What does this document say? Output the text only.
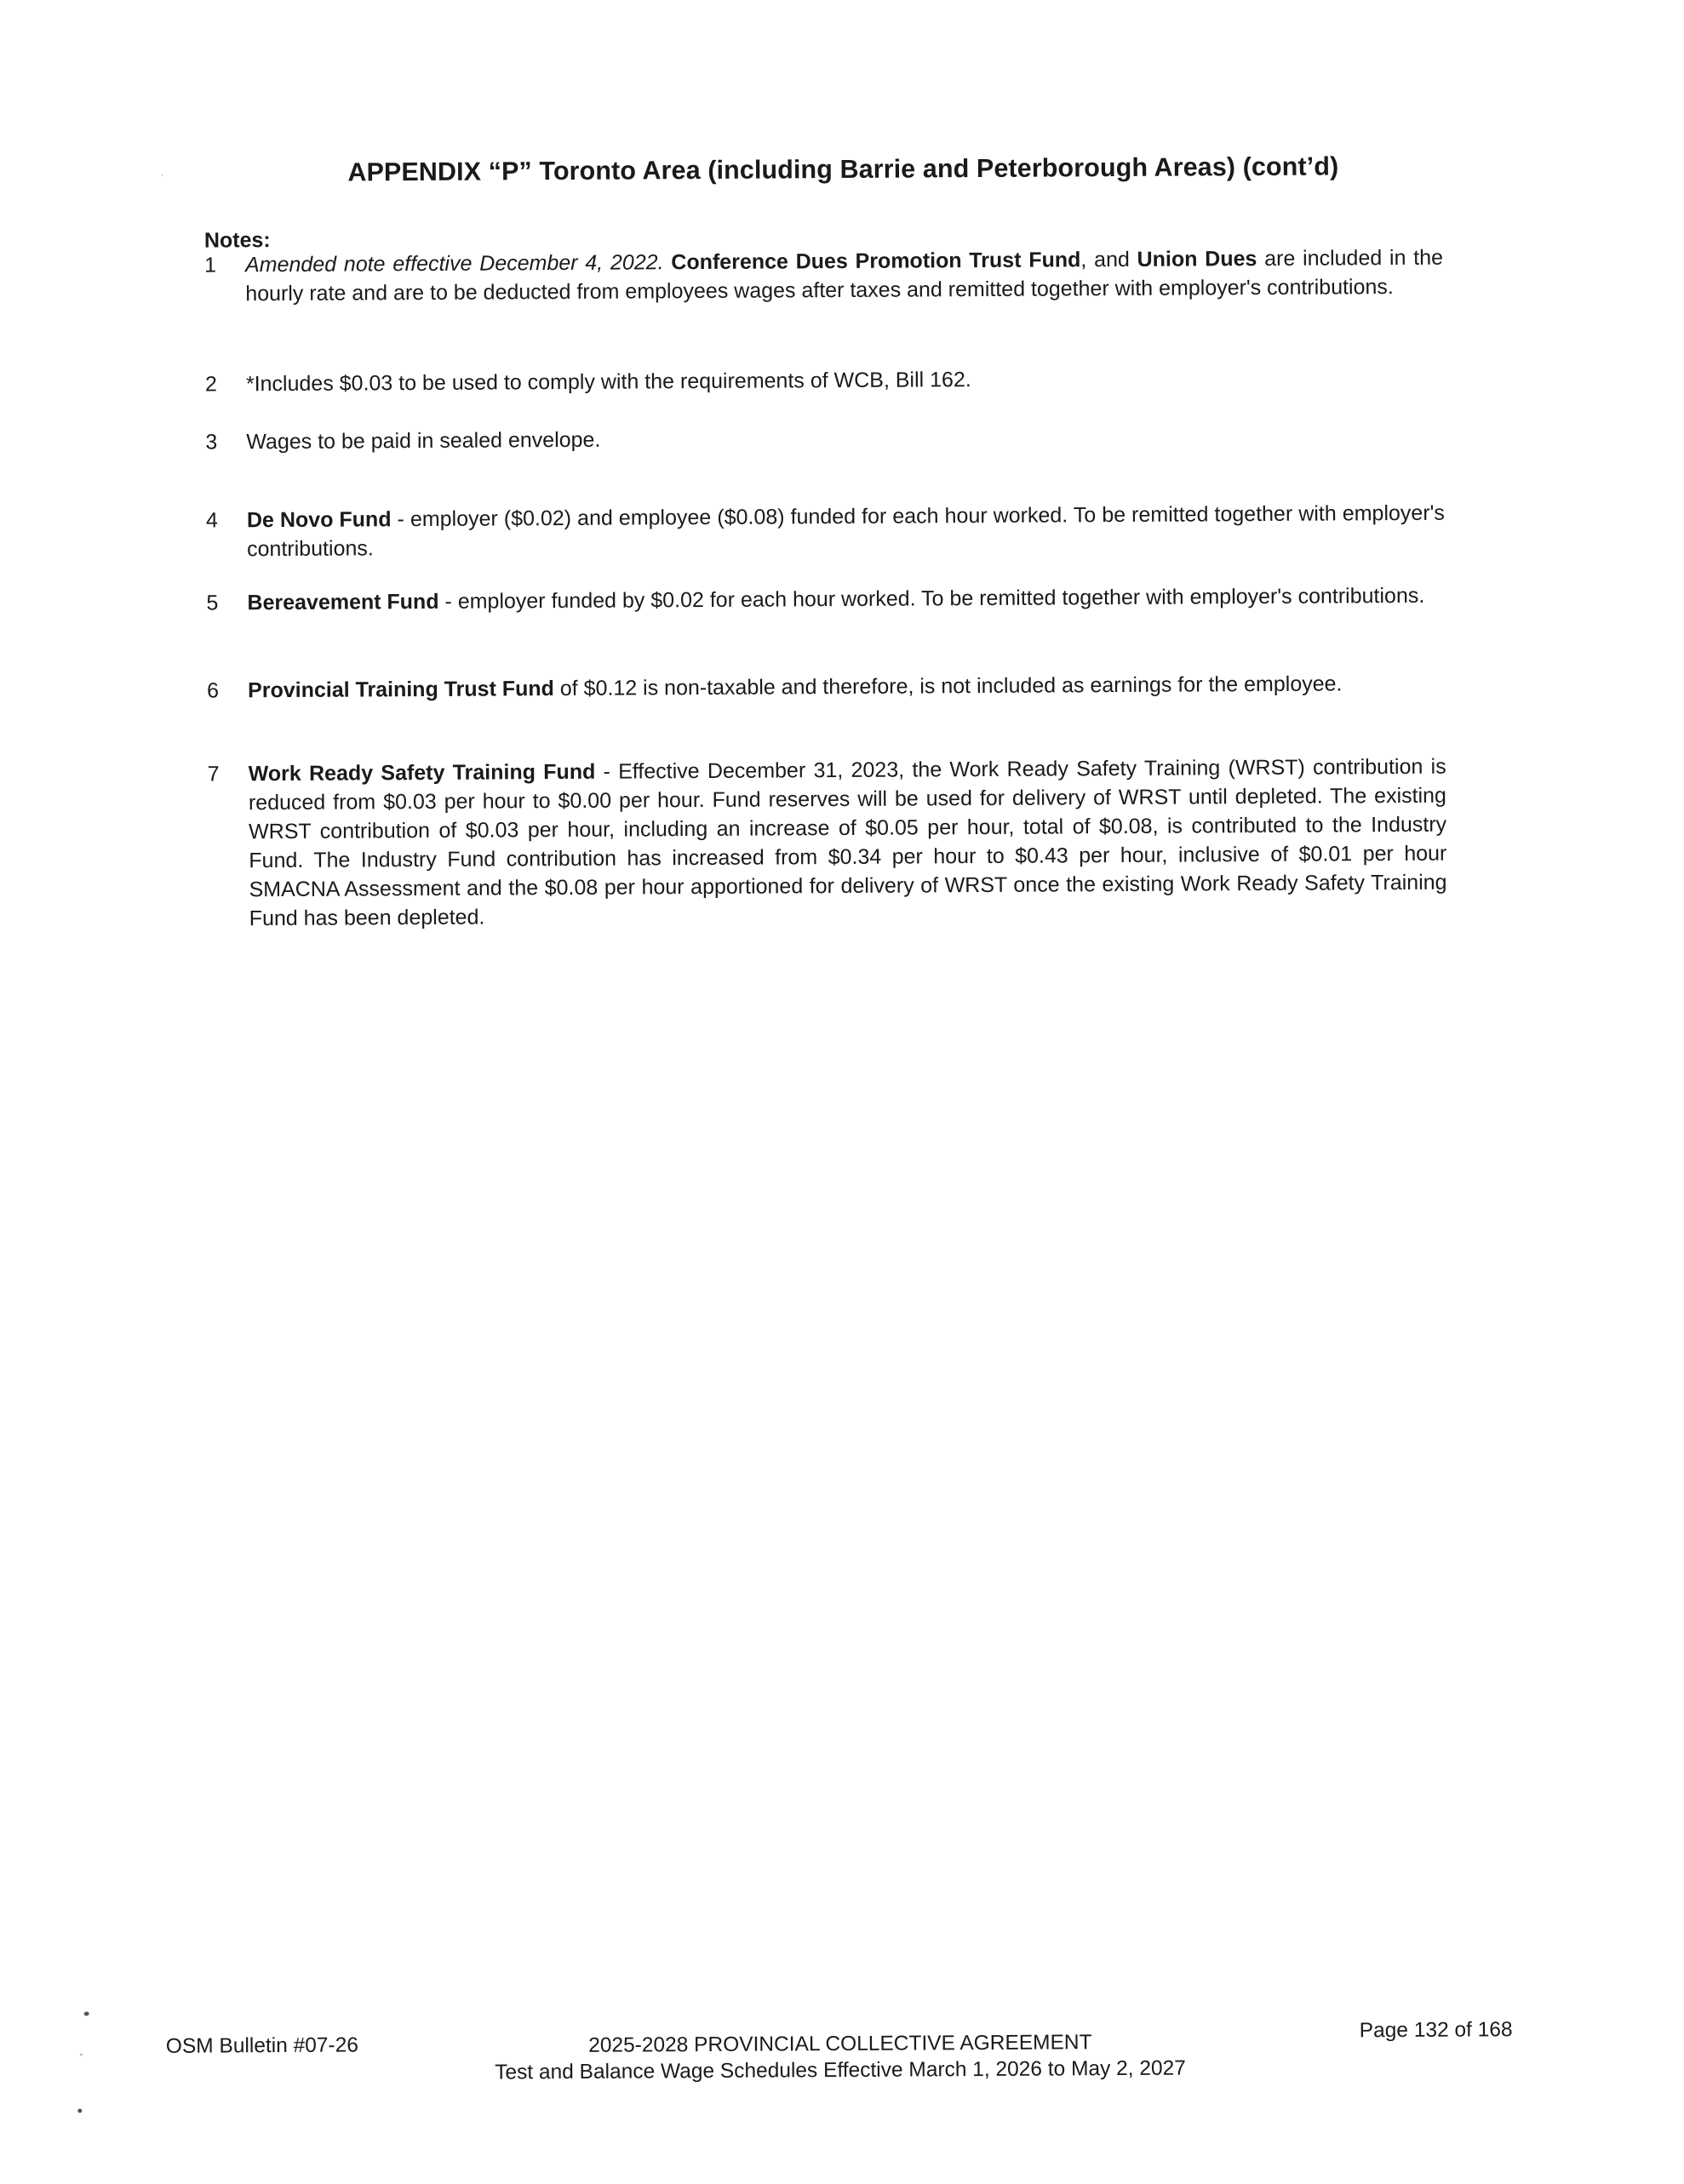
APPENDIX “P” Toronto Area (including Barrie and Peterborough Areas) (cont’d)
Notes:
1	Amended note effective December 4, 2022. Conference Dues Promotion Trust Fund, and Union Dues are included in the hourly rate and are to be deducted from employees wages after taxes and remitted together with employer's contributions.
2	*Includes $0.03 to be used to comply with the requirements of WCB, Bill 162.
3	Wages to be paid in sealed envelope.
4	De Novo Fund - employer ($0.02) and employee ($0.08) funded for each hour worked. To be remitted together with employer's contributions.
5	Bereavement Fund - employer funded by $0.02 for each hour worked. To be remitted together with employer's contributions.
6	Provincial Training Trust Fund of $0.12 is non-taxable and therefore, is not included as earnings for the employee.
7	Work Ready Safety Training Fund - Effective December 31, 2023, the Work Ready Safety Training (WRST) contribution is reduced from $0.03 per hour to $0.00 per hour. Fund reserves will be used for delivery of WRST until depleted. The existing WRST contribution of $0.03 per hour, including an increase of $0.05 per hour, total of $0.08, is contributed to the Industry Fund. The Industry Fund contribution has increased from $0.34 per hour to $0.43 per hour, inclusive of $0.01 per hour SMACNA Assessment and the $0.08 per hour apportioned for delivery of WRST once the existing Work Ready Safety Training Fund has been depleted.
OSM Bulletin #07-26	2025-2028 PROVINCIAL COLLECTIVE AGREEMENT
Test and Balance Wage Schedules Effective March 1, 2026 to May 2, 2027
Page 132 of 168
